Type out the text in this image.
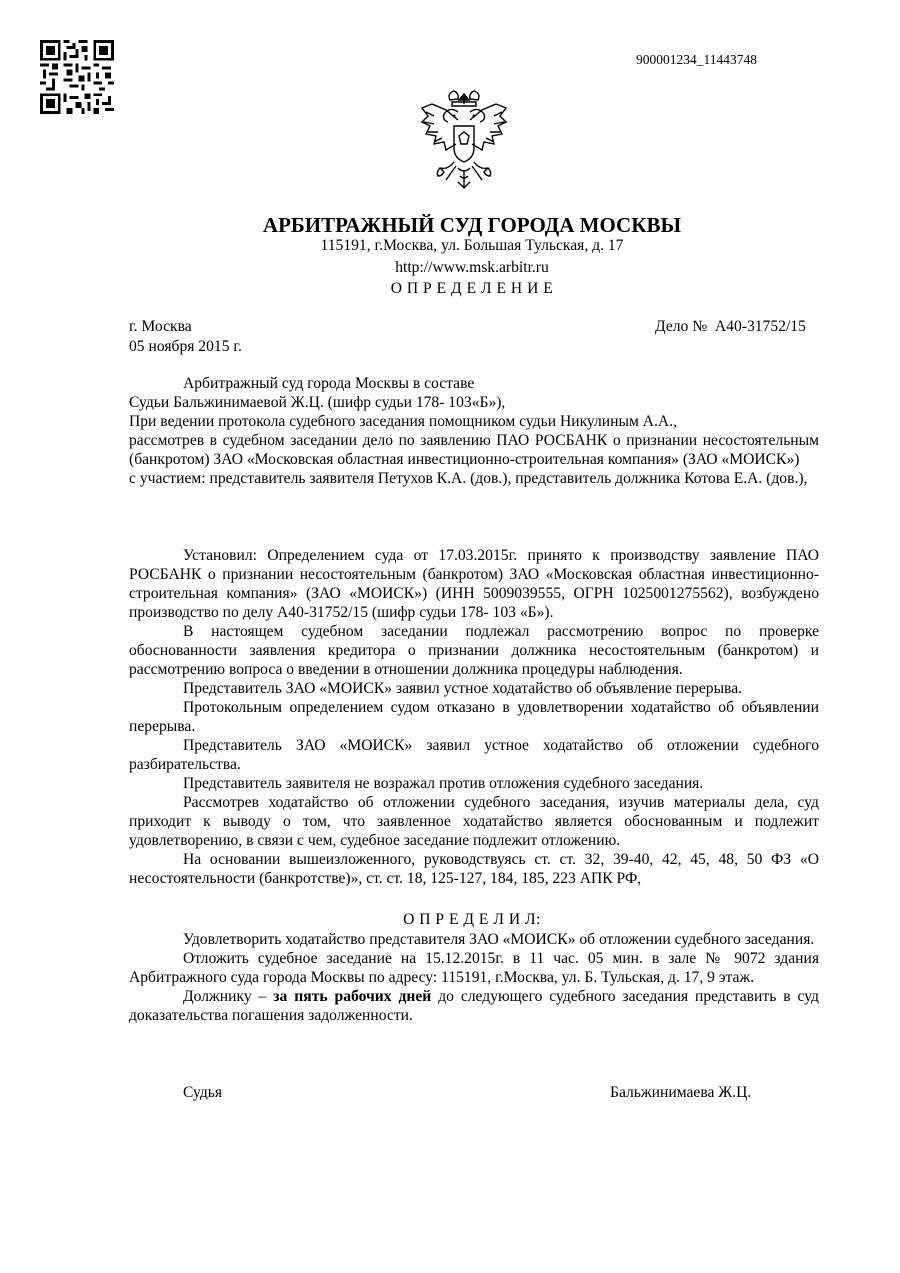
900001234_11443748
АРБИТРАЖНЫЙ СУД ГОРОДА МОСКВЫ
115191, г.Москва, ул. Большая Тульская, д. 17
http://www.msk.arbitr.ru
О П Р Е Д Е Л Е Н И Е
г. Москва
05 ноября 2015 г.
Дело № А40-31752/15

Арбитражный суд города Москвы в составе

Судьи Бальжинимаевой Ж.Ц. (шифр судьи 178- 103«Б»),

При ведении протокола судебного заседания помощником судьи Никулиным А.А.,

рассмотрев в судебном заседании дело по заявлению ПАО РОСБАНК о признании несостоятельным (банкротом) ЗАО «Московская областная инвестиционно-строительная компания» (ЗАО «МОИСК»)

с участием: представитель заявителя Петухов К.А. (дов.), представитель должника Котова Е.А. (дов.),

Установил: Определением суда от 17.03.2015г. принято к производству заявление ПАО РОСБАНК о признании несостоятельным (банкротом) ЗАО «Московская областная инвестиционно-строительная компания» (ЗАО «МОИСК») (ИНН 5009039555, ОГРН 1025001275562), возбуждено производство по делу А40-31752/15 (шифр судьи 178- 103 «Б»).

В настоящем судебном заседании подлежал рассмотрению вопрос по проверке обоснованности заявления кредитора о признании должника несостоятельным (банкротом) и рассмотрению вопроса о введении в отношении должника процедуры наблюдения.

Представитель ЗАО «МОИСК» заявил устное ходатайство об объявление перерыва.

Протокольным определением судом отказано в удовлетворении ходатайство об объявлении перерыва.

Представитель ЗАО «МОИСК» заявил устное ходатайство об отложении судебного разбирательства.

Представитель заявителя не возражал против отложения судебного заседания.

Рассмотрев ходатайство об отложении судебного заседания, изучив материалы дела, суд приходит к выводу о том, что заявленное ходатайство является обоснованным и подлежит удовлетворению, в связи с чем, судебное заседание подлежит отложению.

На основании вышеизложенного, руководствуясь ст. ст. 32, 39-40, 42, 45, 48, 50 ФЗ «О несостоятельности (банкротстве)», ст. ст. 18, 125-127, 184, 185, 223 АПК РФ,

О П Р Е Д Е Л И Л:

Удовлетворить ходатайство представителя ЗАО «МОИСК» об отложении судебного заседания.

Отложить судебное заседание на 15.12.2015г. в 11 час. 05 мин. в зале № 9072 здания Арбитражного суда города Москвы по адресу: 115191, г.Москва, ул. Б. Тульская, д. 17, 9 этаж.

Должнику – за пять рабочих дней до следующего судебного заседания представить в суд доказательства погашения задолженности.

Судья	Бальжинимаева Ж.Ц.
